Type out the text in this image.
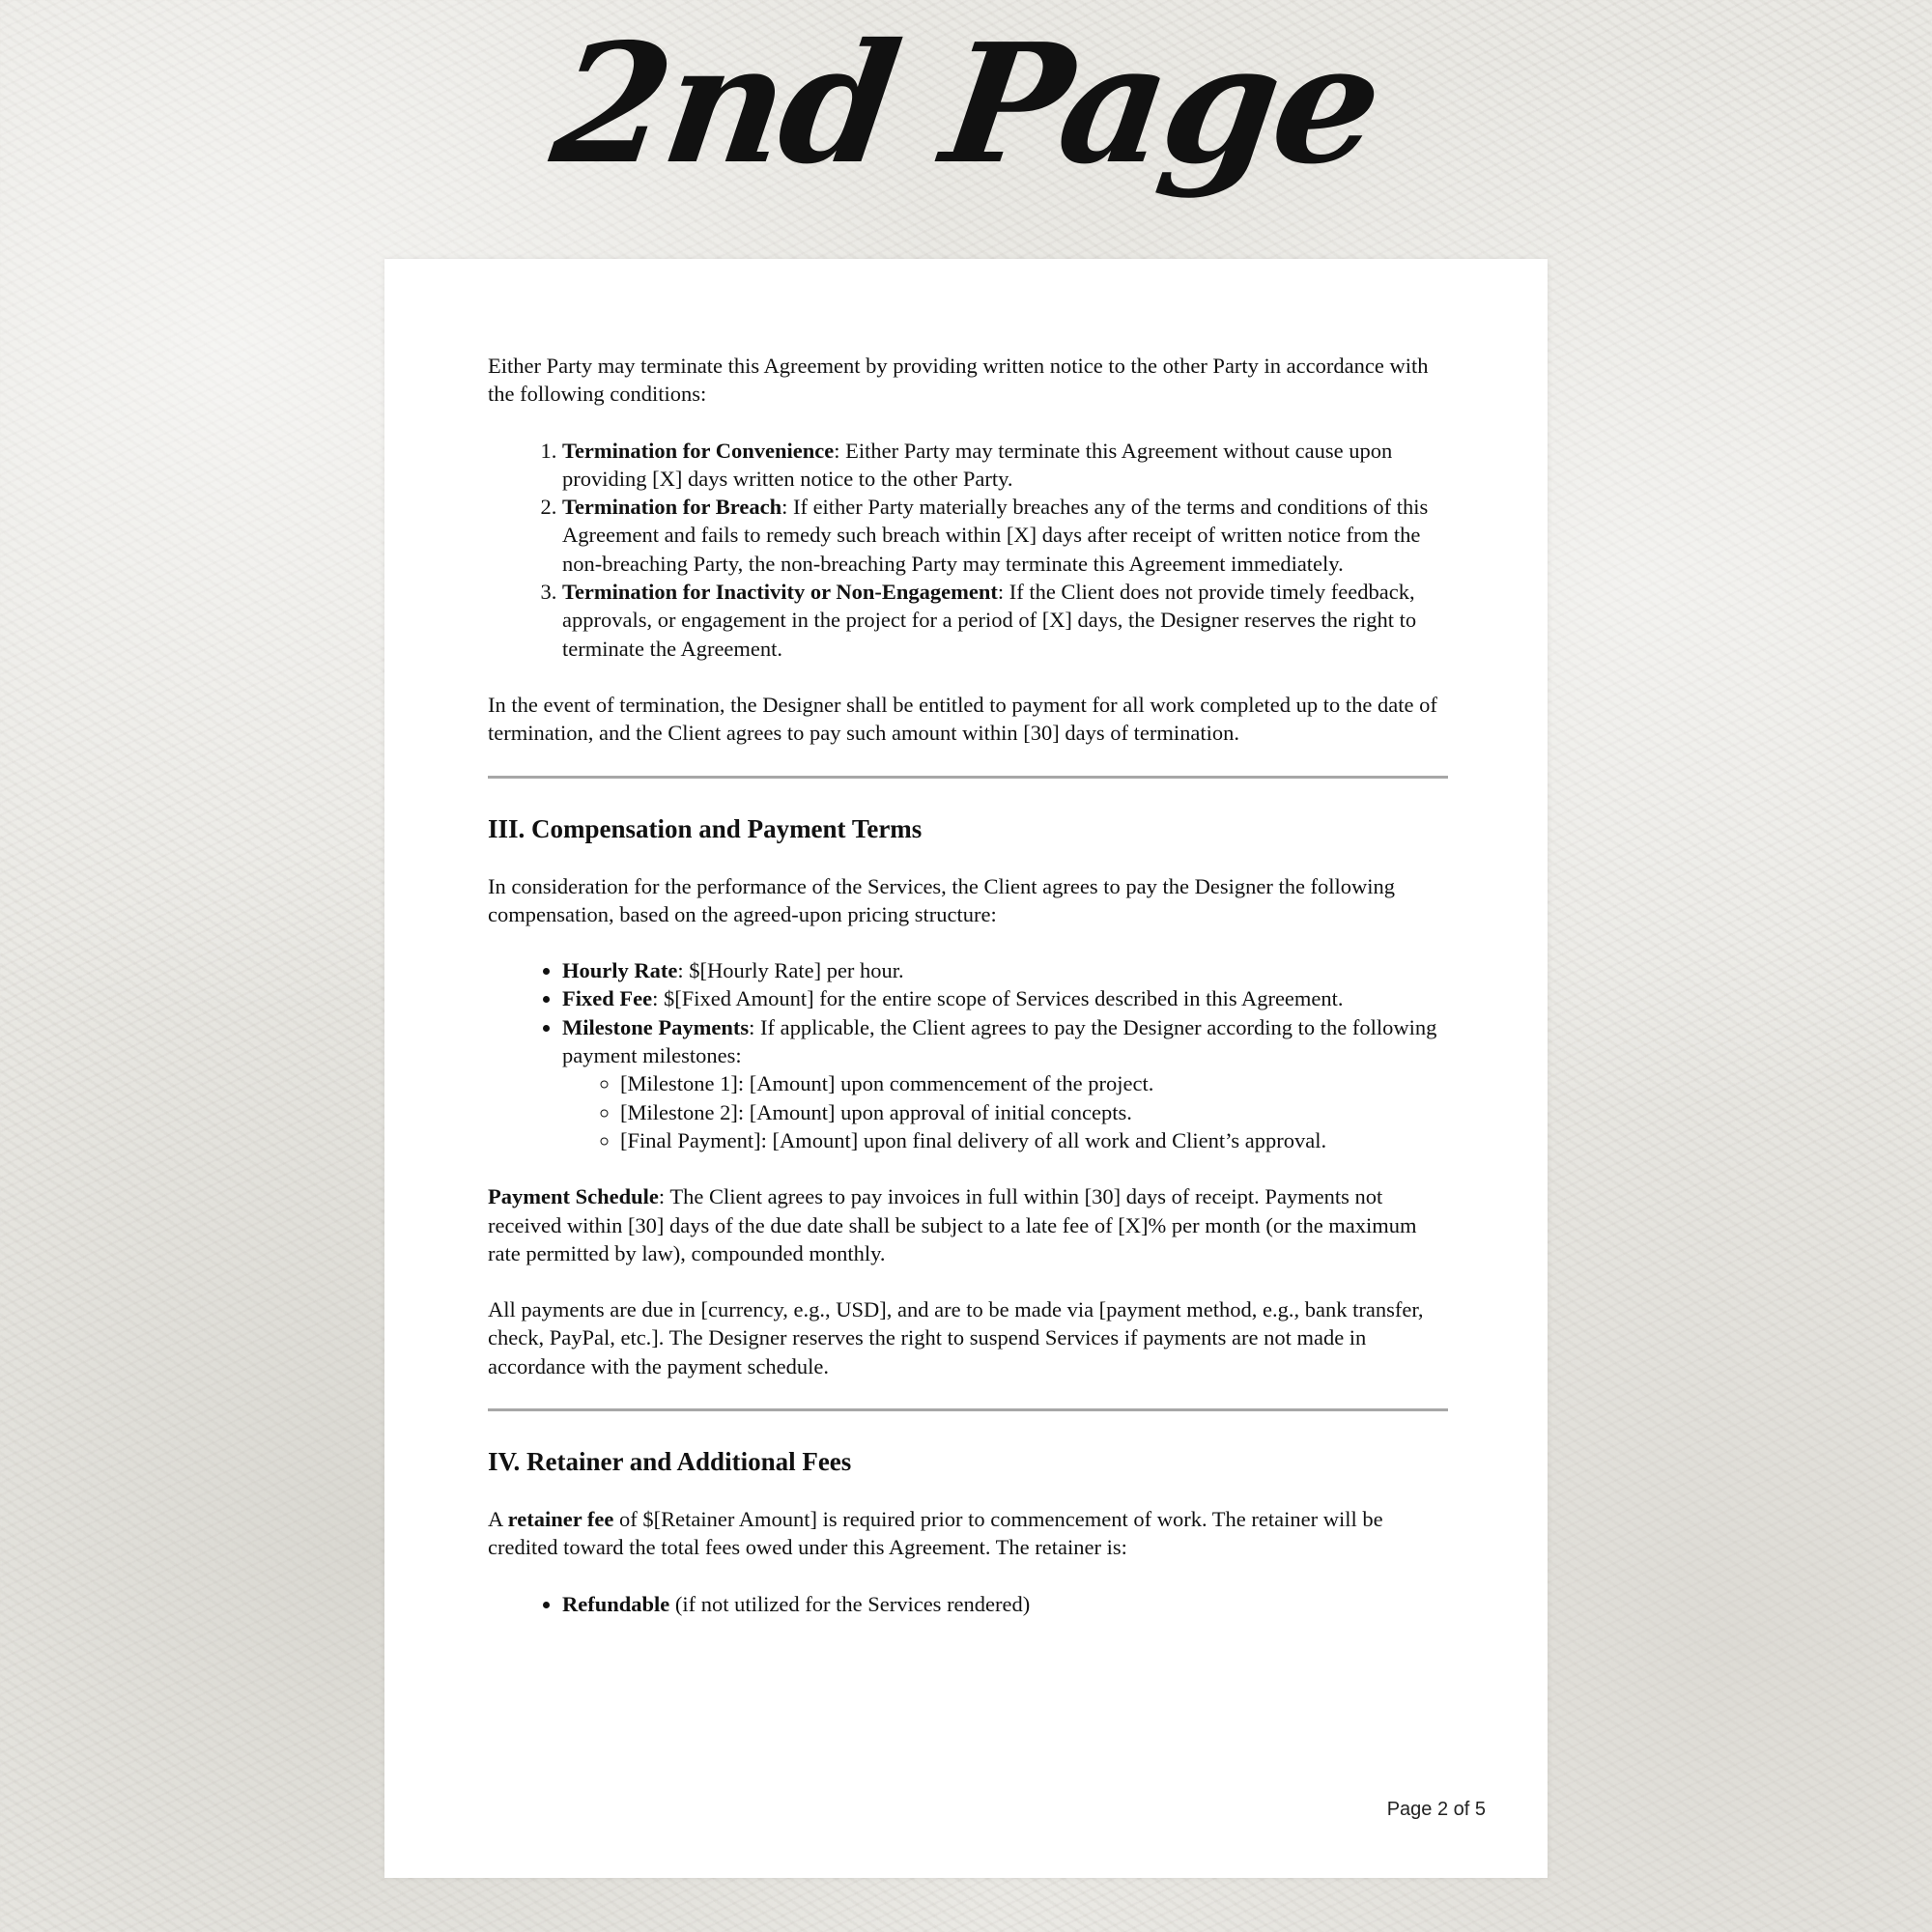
2nd Page

Either Party may terminate this Agreement by providing written notice to the other Party in accordance with the following conditions:

1. Termination for Convenience: Either Party may terminate this Agreement without cause upon providing [X] days written notice to the other Party.
2. Termination for Breach: If either Party materially breaches any of the terms and conditions of this Agreement and fails to remedy such breach within [X] days after receipt of written notice from the non-breaching Party, the non-breaching Party may terminate this Agreement immediately.
3. Termination for Inactivity or Non-Engagement: If the Client does not provide timely feedback, approvals, or engagement in the project for a period of [X] days, the Designer reserves the right to terminate the Agreement.

In the event of termination, the Designer shall be entitled to payment for all work completed up to the date of termination, and the Client agrees to pay such amount within [30] days of termination.

III. Compensation and Payment Terms

In consideration for the performance of the Services, the Client agrees to pay the Designer the following compensation, based on the agreed-upon pricing structure:

• Hourly Rate: $[Hourly Rate] per hour.
• Fixed Fee: $[Fixed Amount] for the entire scope of Services described in this Agreement.
• Milestone Payments: If applicable, the Client agrees to pay the Designer according to the following payment milestones:
◦ [Milestone 1]: [Amount] upon commencement of the project.
◦ [Milestone 2]: [Amount] upon approval of initial concepts.
◦ [Final Payment]: [Amount] upon final delivery of all work and Client’s approval.

Payment Schedule: The Client agrees to pay invoices in full within [30] days of receipt. Payments not received within [30] days of the due date shall be subject to a late fee of [X]% per month (or the maximum rate permitted by law), compounded monthly.

All payments are due in [currency, e.g., USD], and are to be made via [payment method, e.g., bank transfer, check, PayPal, etc.]. The Designer reserves the right to suspend Services if payments are not made in accordance with the payment schedule.

IV. Retainer and Additional Fees

A retainer fee of $[Retainer Amount] is required prior to commencement of work. The retainer will be credited toward the total fees owed under this Agreement. The retainer is:

• Refundable (if not utilized for the Services rendered)
Page 2 of 5
